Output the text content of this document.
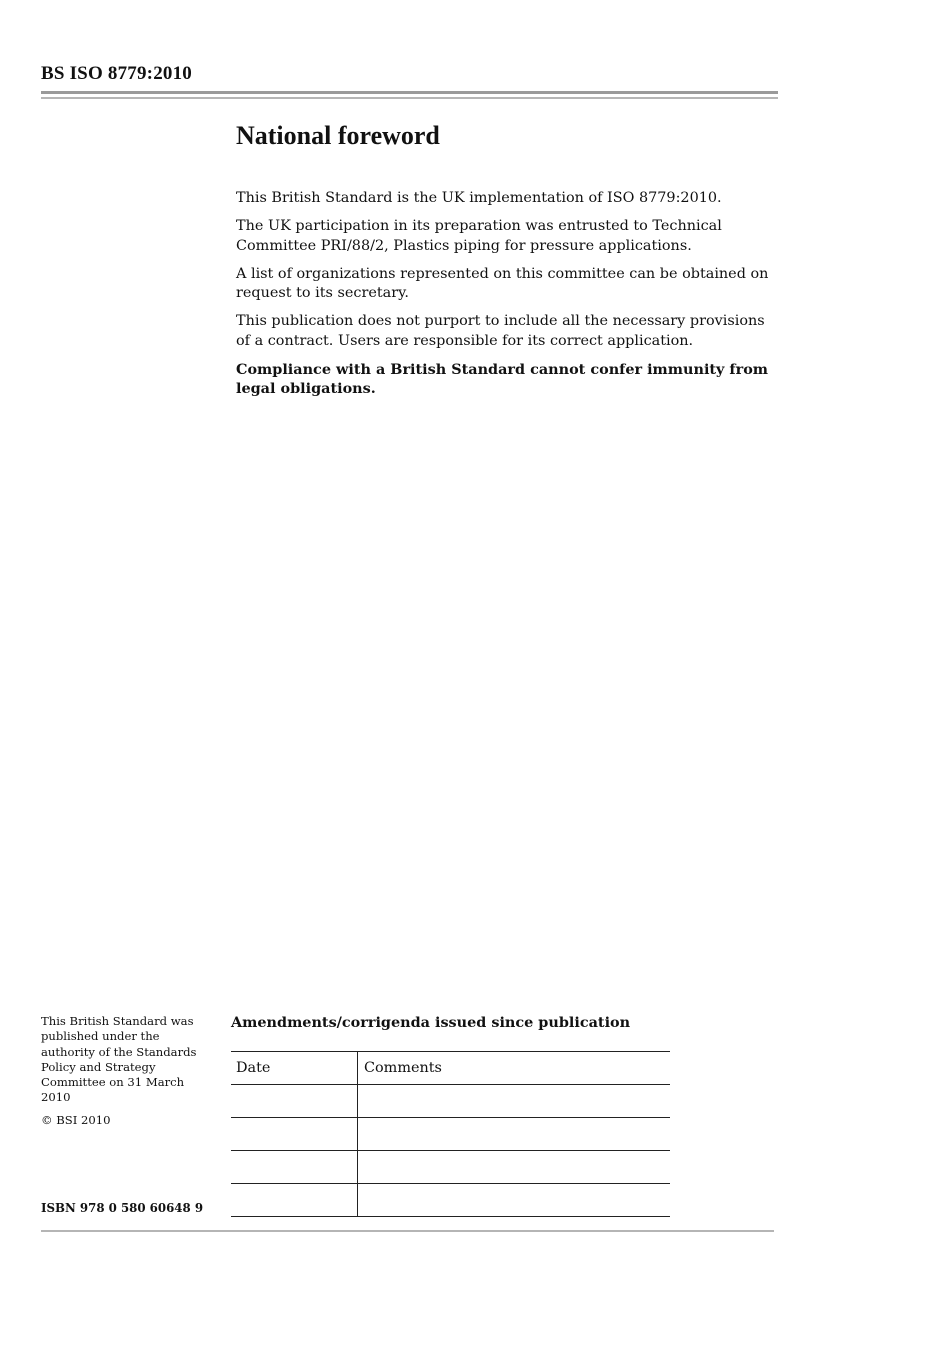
BS ISO 8779:2010
National foreword

This British Standard is the UK implementation of ISO 8779:2010.

The UK participation in its preparation was entrusted to Technical Committee PRI/88/2, Plastics piping for pressure applications.

A list of organizations represented on this committee can be obtained on request to its secretary.

This publication does not purport to include all the necessary provisions of a contract. Users are responsible for its correct application.

Compliance with a British Standard cannot confer immunity from legal obligations.

This British Standard was published under the authority of the Standards Policy and Strategy Committee on 31 March 2010

© BSI 2010

ISBN 978 0 580 60648 9
Amendments/corrigenda issued since publication
Date	Comments
